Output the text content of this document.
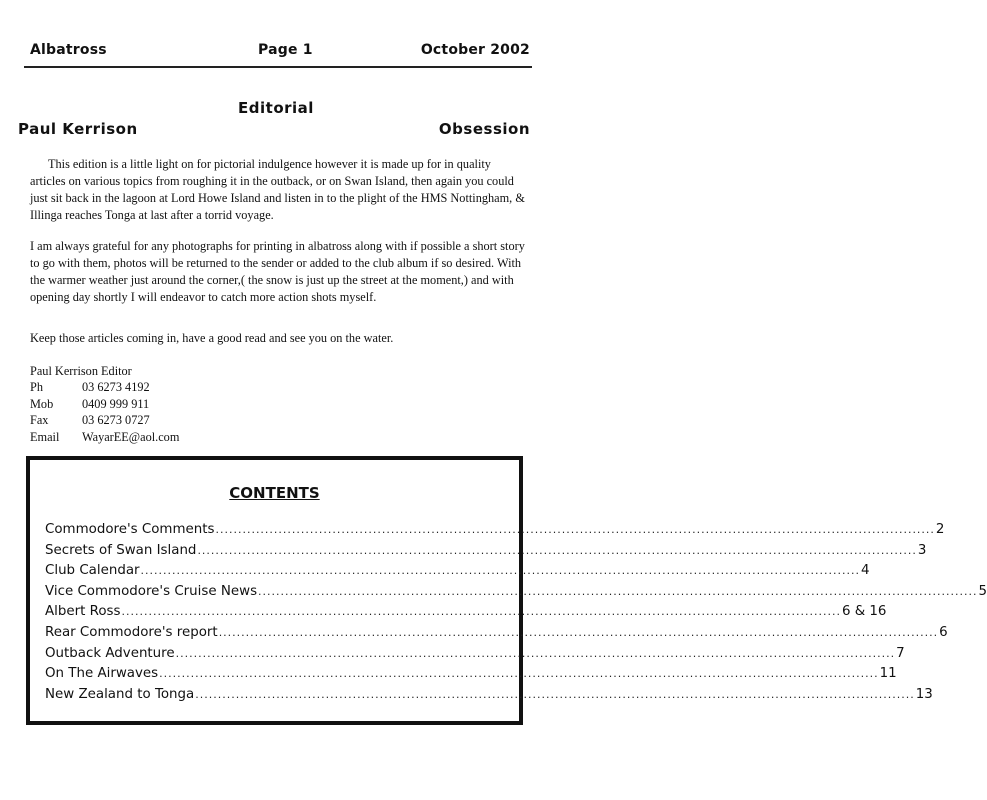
Albatross	Page 1	October 2002
Editorial
Paul Kerrison	Obsession

This edition is a little light on for pictorial indulgence however it is made up for in quality articles on various topics from roughing it in the outback, or on Swan Island, then again you could just sit back in the lagoon at Lord Howe Island and listen in to the plight of the HMS Nottingham, & Illinga reaches Tonga at last after a torrid voyage.

I am always grateful for any photographs for printing in albatross along with if possible a short story to go with them, photos will be returned to the sender or added to the club album if so desired. With the warmer weather just around the corner,( the snow is just up the street at the moment,) and with opening day shortly I will endeavor to catch more action shots myself.

Keep those articles coming in, have a good read and see you on the water.

Paul Kerrison Editor
Ph	03 6273 4192
Mob	0409 999 911
Fax	03 6273 0727
Email	WayarEE@aol.com
CONTENTS
Commodore's Comments ................................................................................................................................................................ 2
Secrets of Swan Island ................................................................................................................................................................ 3
Club Calendar ................................................................................................................................................................ 4
Vice Commodore's Cruise News ................................................................................................................................................................ 5
Albert Ross ................................................................................................................................................................ 6 & 16
Rear Commodore's report ................................................................................................................................................................ 6
Outback Adventure ................................................................................................................................................................ 7
On The Airwaves ................................................................................................................................................................ 11
New Zealand to Tonga ................................................................................................................................................................ 13
